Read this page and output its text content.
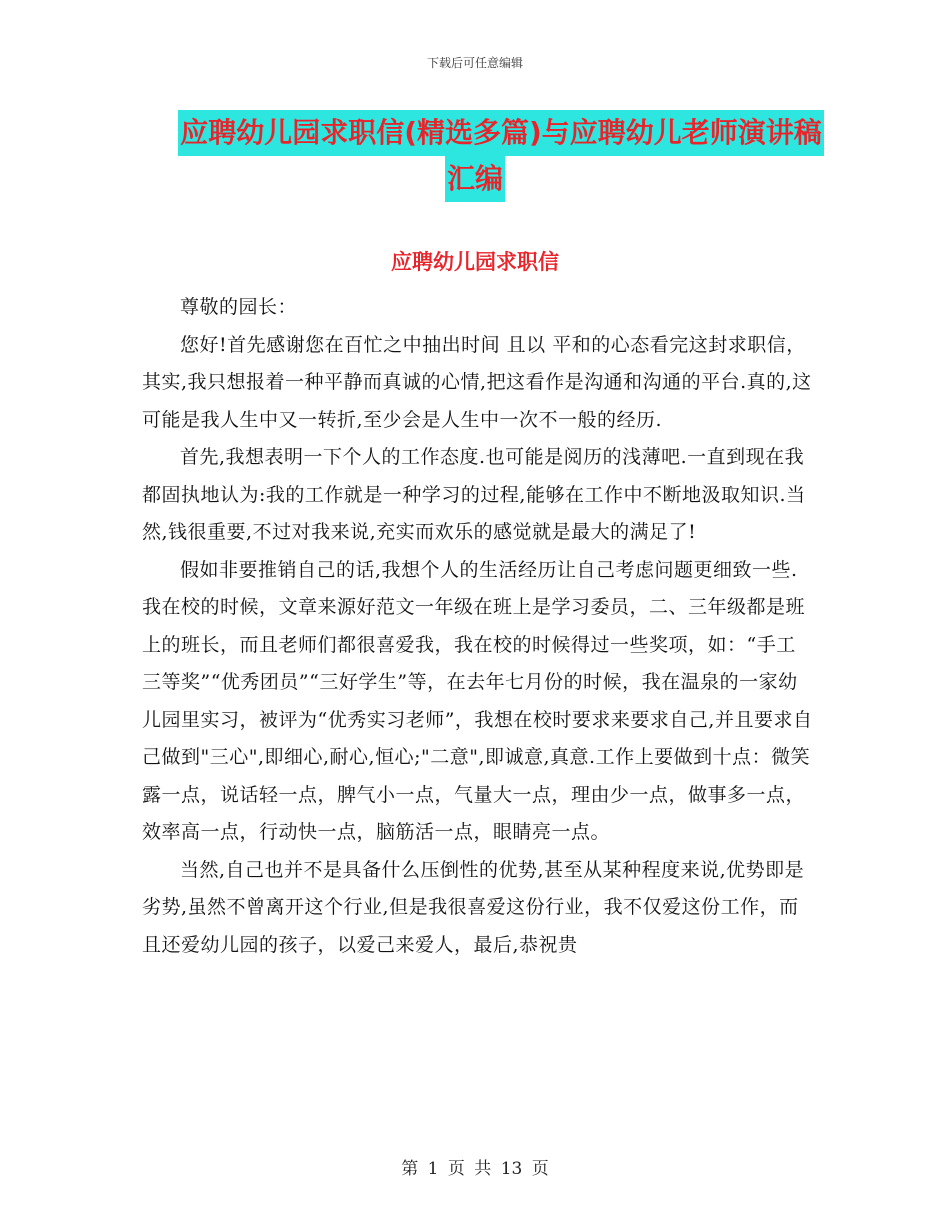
下载后可任意编辑
应聘幼儿园求职信(精选多篇)与应聘幼儿老师演讲稿
汇编
应聘幼儿园求职信

尊敬的园长：

您好!首先感谢您在百忙之中抽出时间 且以 平和的心态看完这封求职信，其实,我只想报着一种平静而真诚的心情,把这看作是沟通和沟通的平台.真的,这可能是我人生中又一转折,至少会是人生中一次不一般的经历.

首先,我想表明一下个人的工作态度.也可能是阅历的浅薄吧.一直到现在我都固执地认为:我的工作就是一种学习的过程,能够在工作中不断地汲取知识.当然,钱很重要,不过对我来说,充实而欢乐的感觉就是最大的满足了!

假如非要推销自己的话,我想个人的生活经历让自己考虑问题更细致一些.我在校的时候，文章来源好范文一年级在班上是学习委员，二、三年级都是班上的班长，而且老师们都很喜爱我，我在校的时候得过一些奖项，如：“手工三等奖”“优秀团员”“三好学生”等，在去年七月份的时候，我在温泉的一家幼儿园里实习，被评为“优秀实习老师”，我想在校时要求来要求自己,并且要求自己做到"三心",即细心,耐心,恒心;"二意",即诚意,真意.工作上要做到十点：微笑露一点，说话轻一点，脾气小一点，气量大一点，理由少一点，做事多一点，效率高一点，行动快一点，脑筋活一点，眼睛亮一点。

当然,自己也并不是具备什么压倒性的优势,甚至从某种程度来说,优势即是劣势,虽然不曾离开这个行业,但是我很喜爱这份行业，我不仅爱这份工作，而且还爱幼儿园的孩子，以爱己来爱人，最后,恭祝贵

第 1 页 共 13 页
